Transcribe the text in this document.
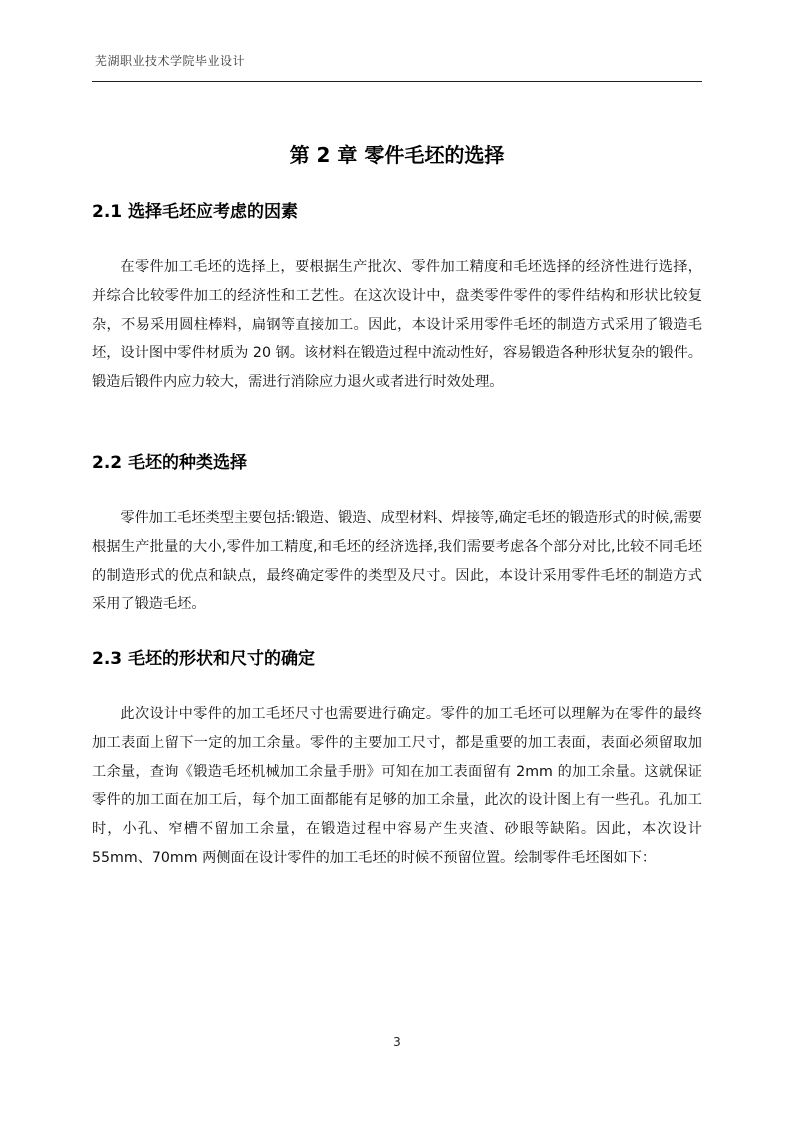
芜湖职业技术学院毕业设计
第 2 章 零件毛坯的选择
2.1 选择毛坯应考虑的因素

在零件加工毛坯的选择上，要根据生产批次、零件加工精度和毛坯选择的经济性进行选择，并综合比较零件加工的经济性和工艺性。在这次设计中，盘类零件零件的零件结构和形状比较复杂，不易采用圆柱棒料，扁钢等直接加工。因此，本设计采用零件毛坯的制造方式采用了锻造毛坯，设计图中零件材质为 20 钢。该材料在锻造过程中流动性好，容易锻造各种形状复杂的锻件。锻造后锻件内应力较大，需进行消除应力退火或者进行时效处理。

2.2 毛坯的种类选择

零件加工毛坯类型主要包括:锻造、锻造、成型材料、焊接等,确定毛坯的锻造形式的时候,需要根据生产批量的大小,零件加工精度,和毛坯的经济选择,我们需要考虑各个部分对比,比较不同毛坯的制造形式的优点和缺点，最终确定零件的类型及尺寸。因此，本设计采用零件毛坯的制造方式采用了锻造毛坯。

2.3 毛坯的形状和尺寸的确定

此次设计中零件的加工毛坯尺寸也需要进行确定。零件的加工毛坯可以理解为在零件的最终加工表面上留下一定的加工余量。零件的主要加工尺寸，都是重要的加工表面，表面必须留取加工余量，查询《锻造毛坯机械加工余量手册》可知在加工表面留有 2mm 的加工余量。这就保证零件的加工面在加工后，每个加工面都能有足够的加工余量，此次的设计图上有一些孔。孔加工时，小孔、窄槽不留加工余量，在锻造过程中容易产生夹渣、砂眼等缺陷。因此，本次设计 55mm、70mm 两侧面在设计零件的加工毛坯的时候不预留位置。绘制零件毛坯图如下：

3
